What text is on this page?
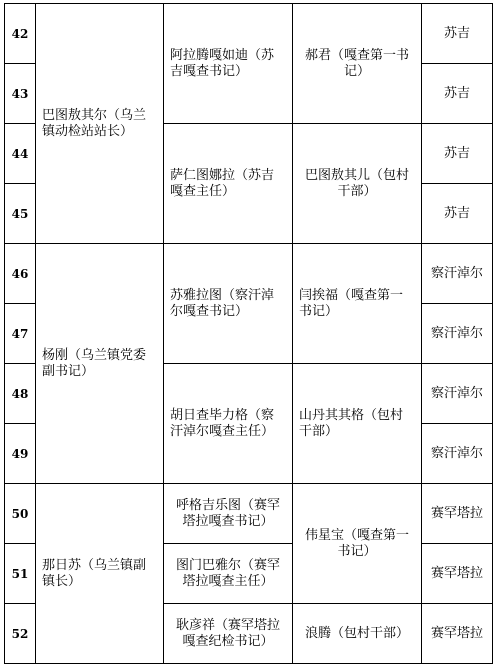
42	巴图敖其尔（乌兰镇动检站站长）	阿拉腾嘎如迪（苏吉嘎查书记）	郝君（嘎查第一书记）	苏吉
43				苏吉
44		萨仁图娜拉（苏吉嘎查主任）	巴图敖其儿（包村干部）	苏吉
45				苏吉
46	杨刚（乌兰镇党委副书记）	苏雅拉图（察汗淖尔嘎查书记）	闫挨福（嘎查第一书记）	察汗淖尔
47				察汗淖尔
48		胡日查毕力格（察汗淖尔嘎查主任）	山丹其其格（包村干部）	察汗淖尔
49				察汗淖尔
50	那日苏（乌兰镇副镇长）	呼格吉乐图（赛罕塔拉嘎查书记）	伟星宝（嘎查第一书记）	赛罕塔拉
51		图门巴雅尔（赛罕塔拉嘎查主任）		赛罕塔拉
52		耿彦祥（赛罕塔拉嘎查纪检书记）	浪腾（包村干部）	赛罕塔拉
